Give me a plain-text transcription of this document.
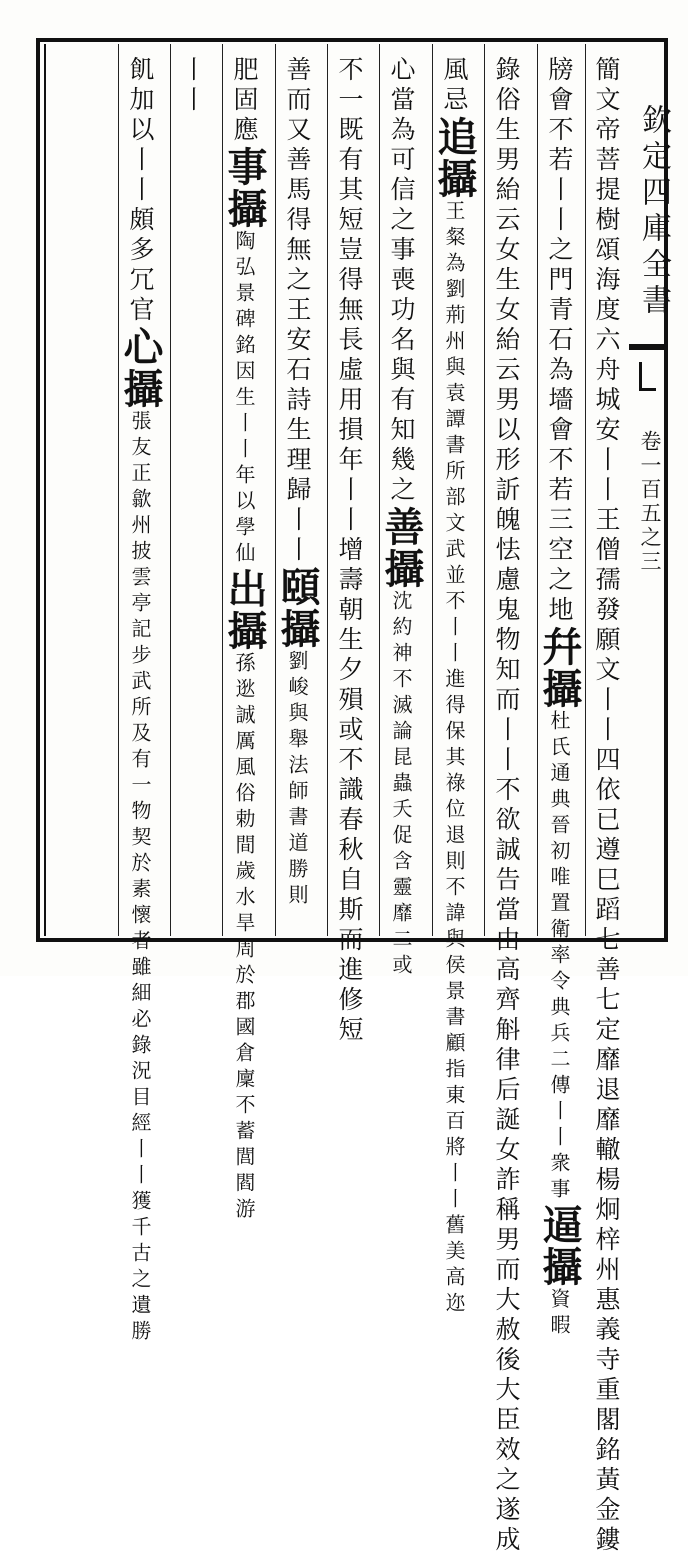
欽定四庫全書
卷一百五之三
簡文帝菩提樹頌海度六舟城安丨丨王僧孺發願文丨丨四依已遵巳蹈七善七定靡退靡轍楊炯梓州惠義寺重閣銘黃金鏤
牓會不若丨丨之門青石為墻會不若三空之地幷攝杜氏通典晉初唯置衛率令典兵二傳丨丨衆事逼攝資暇
錄俗生男紿云女生女紿云男以形訢魄怯慮鬼物知而丨丨不欲誠告當由高齊斛律后誕女詐稱男而大赦後大臣效之遂成
風忌追攝王粲為劉荊州與袁譚書所部文武並不丨丨進得保其祿位退則不諱與侯景書顧指東百將丨丨舊美高迩
心當為可信之事喪功名與有知幾之善攝沈約神不滅論昆蟲夭促含靈靡二或
不一既有其短豈得無長虛用損年丨丨增壽朝生夕殞或不識春秋自斯而進修短
善而又善馬得無之王安石詩生理歸丨丨頤攝劉峻與舉法師書道勝則
肥固應事攝陶弘景碑銘因生丨丨年以學仙出攝孫逖誠厲風俗勅間歲水旱周於郡國倉廩不蓄閭閻游
丨丨
飢加以丨丨頗多冗官心攝張友正歙州披雲亭記步武所及有一物契於素懷者雖細必錄況目經丨丨獲千古之遺勝
